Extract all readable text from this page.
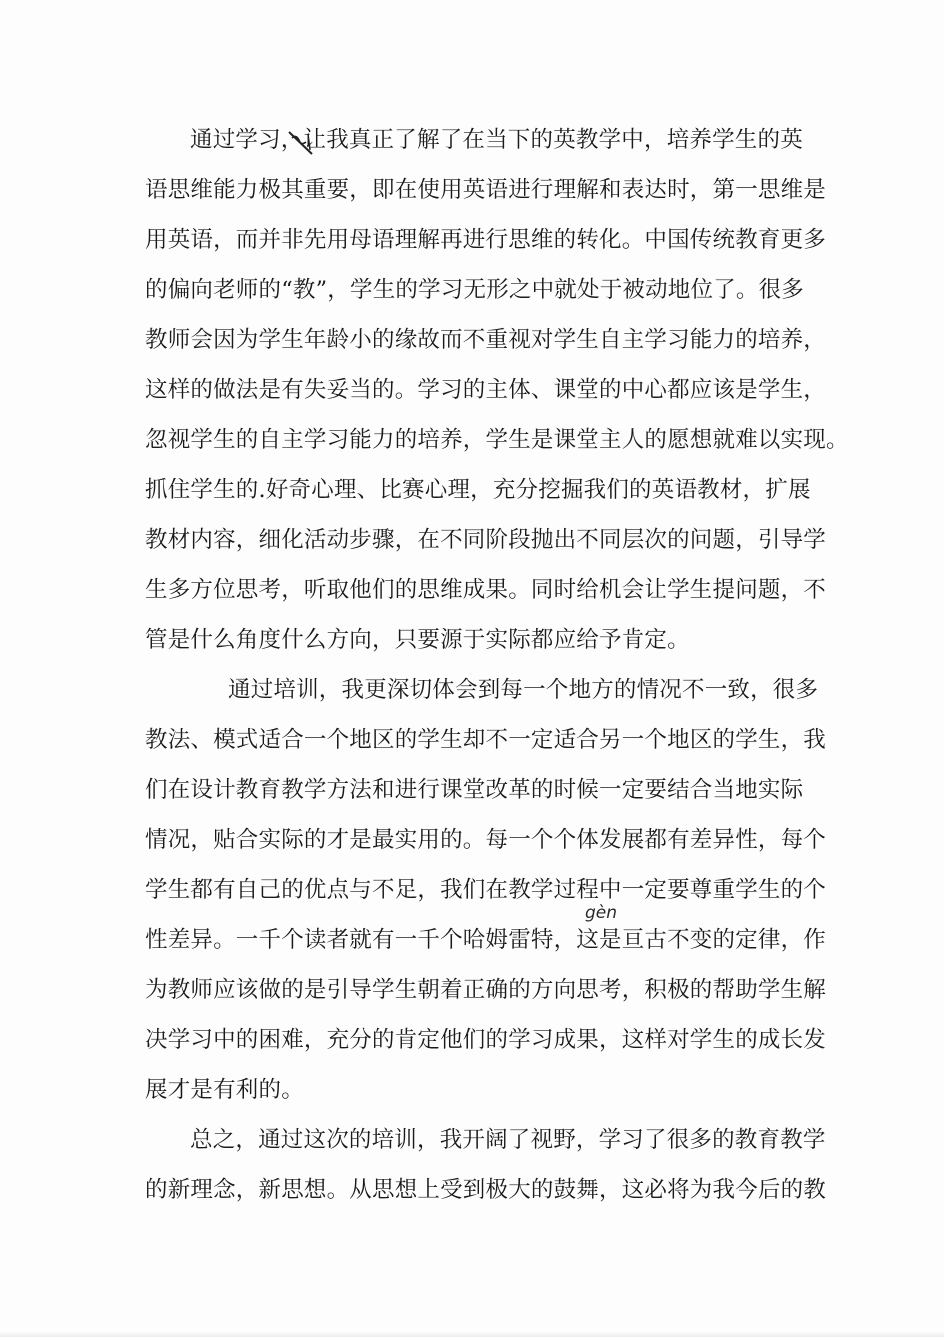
通过学习，让我真正了解了在当下的英教学中，培养学生的英
语思维能力极其重要，即在使用英语进行理解和表达时，第一思维是
用英语，而并非先用母语理解再进行思维的转化。中国传统教育更多
的偏向老师的“教”，学生的学习无形之中就处于被动地位了。很多
教师会因为学生年龄小的缘故而不重视对学生自主学习能力的培养，
这样的做法是有失妥当的。学习的主体、课堂的中心都应该是学生，
忽视学生的自主学习能力的培养，学生是课堂主人的愿想就难以实现。
抓住学生的.好奇心理、比赛心理，充分挖掘我们的英语教材，扩展
教材内容，细化活动步骤，在不同阶段抛出不同层次的问题，引导学
生多方位思考，听取他们的思维成果。同时给机会让学生提问题，不
管是什么角度什么方向，只要源于实际都应给予肯定。
通过培训，我更深切体会到每一个地方的情况不一致，很多
教法、模式适合一个地区的学生却不一定适合另一个地区的学生，我
们在设计教育教学方法和进行课堂改革的时候一定要结合当地实际
情况，贴合实际的才是最实用的。每一个个体发展都有差异性，每个
学生都有自己的优点与不足，我们在教学过程中一定要尊重学生的个
性差异。一千个读者就有一千个哈姆雷特，这是亘古不变的定律，作
为教师应该做的是引导学生朝着正确的方向思考，积极的帮助学生解
决学习中的困难，充分的肯定他们的学习成果，这样对学生的成长发
展才是有利的。
总之，通过这次的培训，我开阔了视野，学习了很多的教育教学
的新理念，新思想。从思想上受到极大的鼓舞，这必将为我今后的教
gèn
